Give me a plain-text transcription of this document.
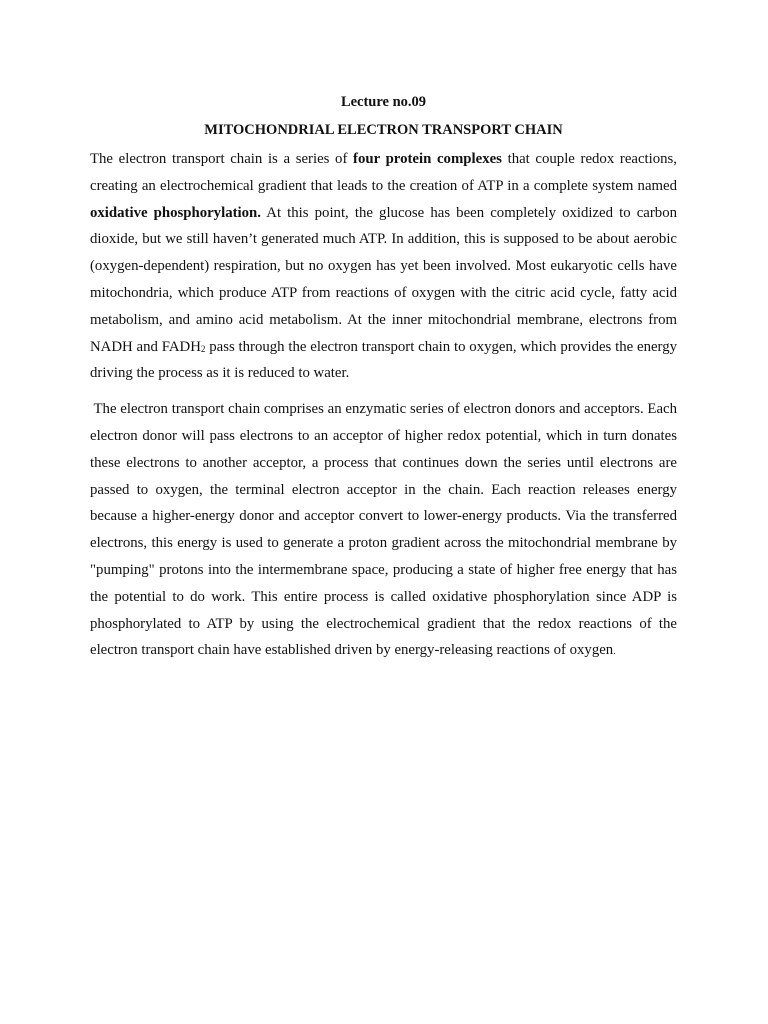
Lecture no.09

MITOCHONDRIAL ELECTRON TRANSPORT CHAIN

The electron transport chain is a series of four protein complexes that couple redox reactions, creating an electrochemical gradient that leads to the creation of ATP in a complete system named oxidative phosphorylation. At this point, the glucose has been completely oxidized to carbon dioxide, but we still haven’t generated much ATP. In addition, this is supposed to be about aerobic (oxygen-dependent) respiration, but no oxygen has yet been involved. Most eukaryotic cells have mitochondria, which produce ATP from reactions of oxygen with the citric acid cycle, fatty acid metabolism, and amino acid metabolism. At the inner mitochondrial membrane, electrons from NADH and $FADH_2$ pass through the electron transport chain to oxygen, which provides the energy driving the process as it is reduced to water.

The electron transport chain comprises an enzymatic series of electron donors and acceptors. Each electron donor will pass electrons to an acceptor of higher redox potential, which in turn donates these electrons to another acceptor, a process that continues down the series until electrons are passed to oxygen, the terminal electron acceptor in the chain. Each reaction releases energy because a higher-energy donor and acceptor convert to lower-energy products. Via the transferred electrons, this energy is used to generate a proton gradient across the mitochondrial membrane by "pumping" protons into the intermembrane space, producing a state of higher free energy that has the potential to do work. This entire process is called oxidative phosphorylation since ADP is phosphorylated to ATP by using the electrochemical gradient that the redox reactions of the electron transport chain have established driven by energy-releasing reactions of oxygen.
